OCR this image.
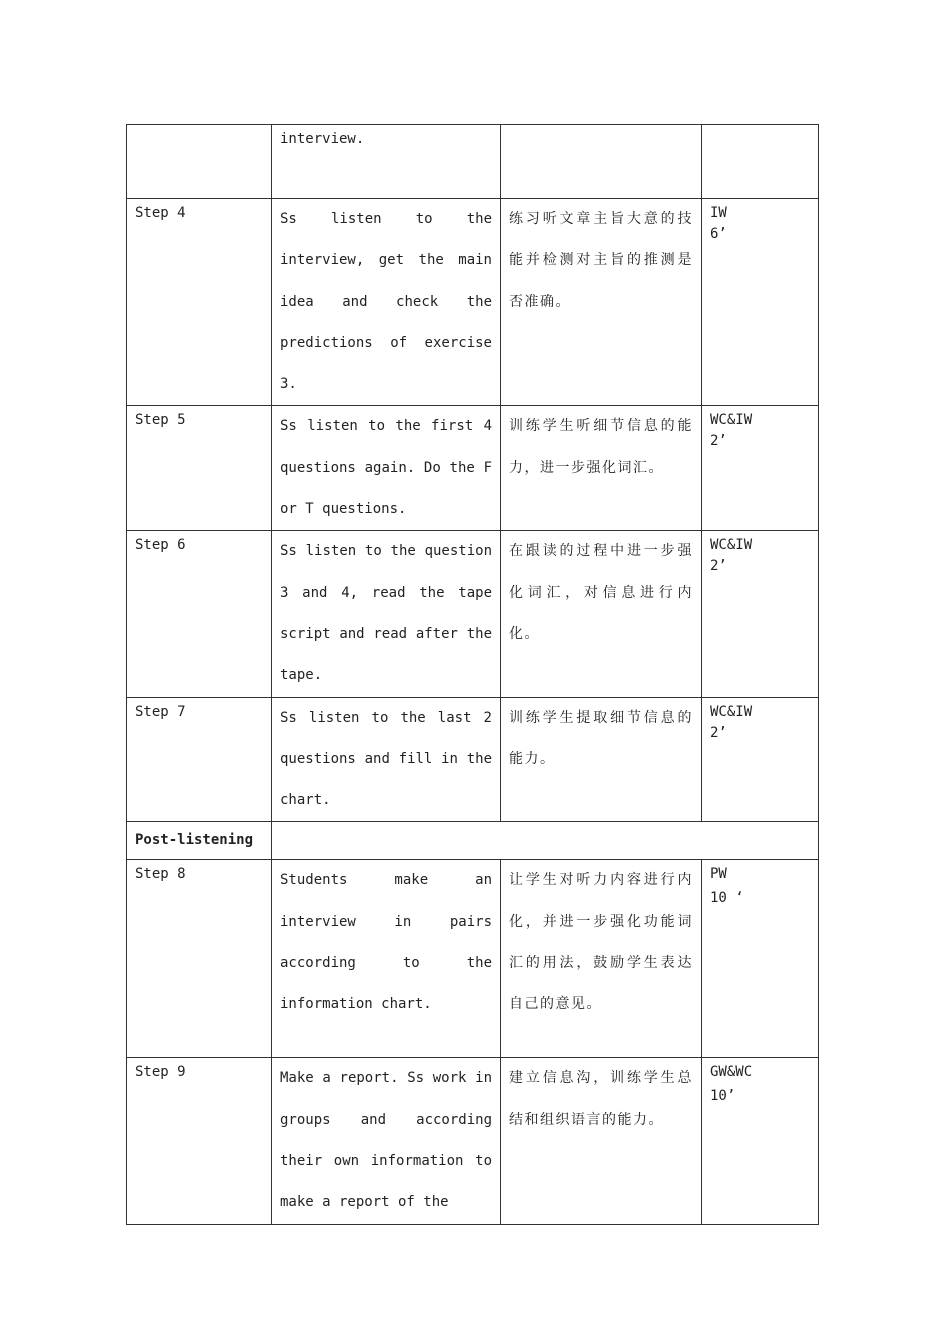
	interview.		
Step 4	Ss listen to the interview, get the main idea and check the predictions of exercise 3.	练习听文章主旨大意的技能并检测对主旨的推测是否准确。	IW
6’

Step 5	Ss listen to the first 4 questions again. Do the F or T questions.	训练学生听细节信息的能力，进一步强化词汇。	WC&IW
2’

Step 6	Ss listen to the question 3 and 4, read the tape script and read after the tape.	在跟读的过程中进一步强化词汇，对信息进行内化。	WC&IW
2’

Step 7	Ss listen to the last 2 questions and fill in the chart.	训练学生提取细节信息的能力。	WC&IW
2’

Post-listening			
Step 8	Students make an interview in pairs according to the information chart.	让学生对听力内容进行内化，并进一步强化功能词汇的用法，鼓励学生表达自己的意见。	PW
10 ‘

Step 9	Make a report. Ss work in groups and according their own information to make a report of the	建立信息沟，训练学生总结和组织语言的能力。	GW&WC
10’
